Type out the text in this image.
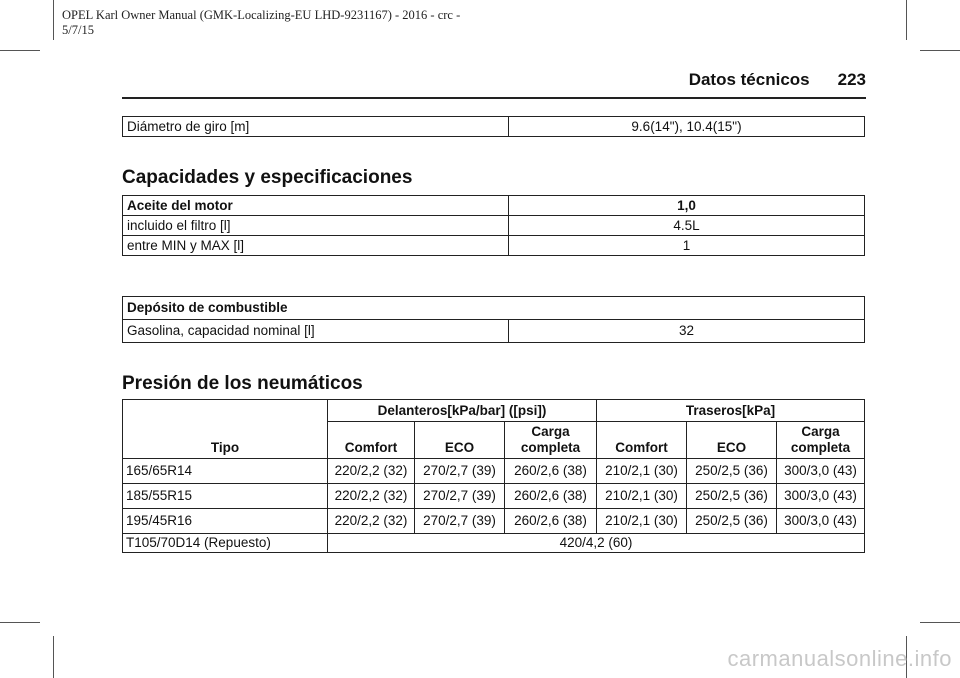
OPEL Karl Owner Manual (GMK-Localizing-EU LHD-9231167) - 2016 - crc -
5/7/15
Datos técnicos 223
Diámetro de giro [m]	9.6(14"), 10.4(15")
Capacidades y especificaciones
Aceite del motor	1,0
incluido el filtro [l]	4.5L
entre MIN y MAX [l]	1
Depósito de combustible
Gasolina, capacidad nominal [l]	32
Presión de los neumáticos
Tipo	Delanteros[kPa/bar] ([psi])			Traseros[kPa]		
	Comfort	ECO	Carga completa	Comfort	ECO	Carga completa
165/65R14	220/2,2 (32)	270/2,7 (39)	260/2,6 (38)	210/2,1 (30)	250/2,5 (36)	300/3,0 (43)
185/55R15	220/2,2 (32)	270/2,7 (39)	260/2,6 (38)	210/2,1 (30)	250/2,5 (36)	300/3,0 (43)
195/45R16	220/2,2 (32)	270/2,7 (39)	260/2,6 (38)	210/2,1 (30)	250/2,5 (36)	300/3,0 (43)
T105/70D14 (Repuesto)	420/4,2 (60)					
carmanualsonline.info
